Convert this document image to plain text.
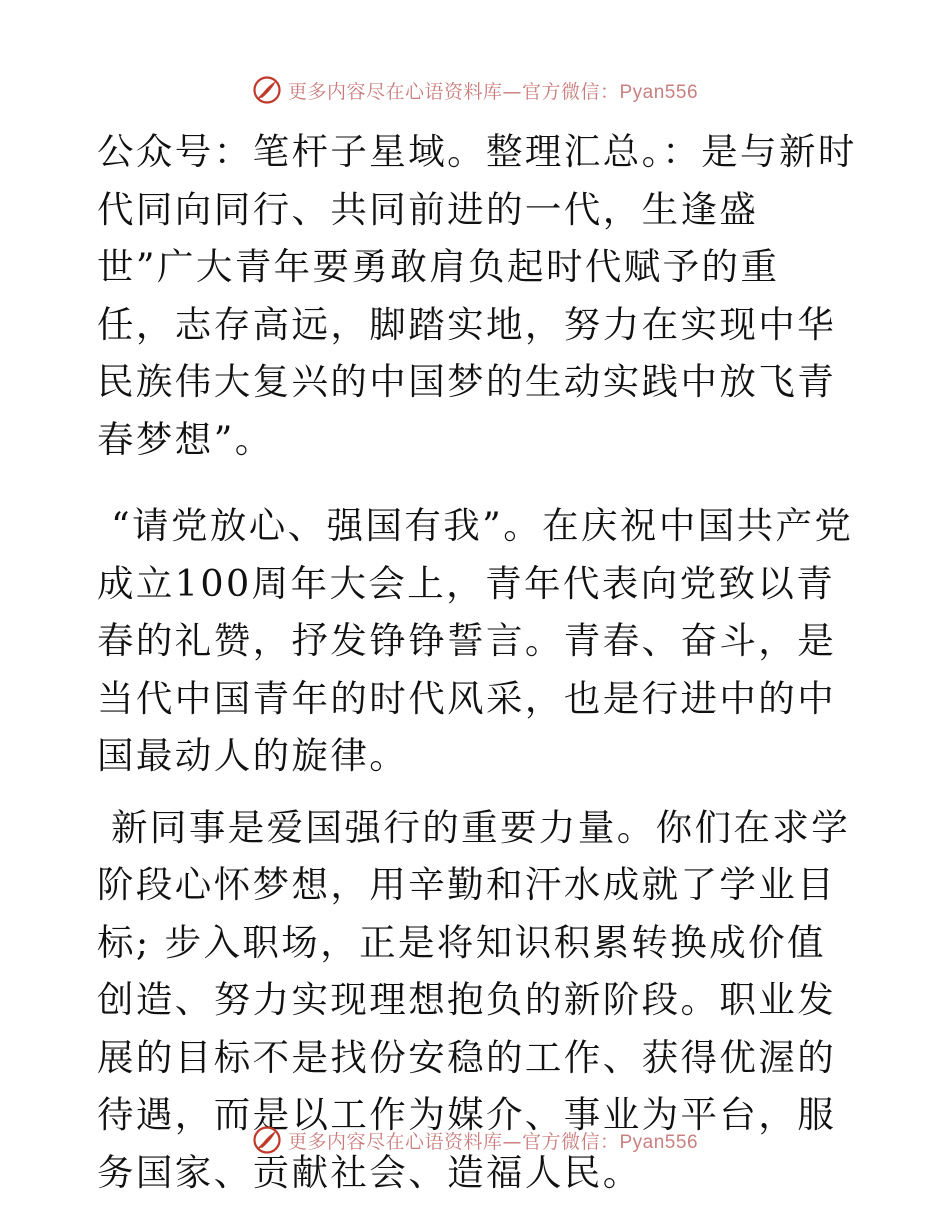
更多内容尽在心语资料库—官方微信：Pyan556

公众号：笔杆子星域。整理汇总。：是与新时代同向同行、共同前进的一代，生逢盛世”广大青年要勇敢肩负起时代赋予的重任，志存高远，脚踏实地，努力在实现中华民族伟大复兴的中国梦的生动实践中放飞青春梦想”。

“请党放心、强国有我”。在庆祝中国共产党成立100周年大会上，青年代表向党致以青春的礼赞，抒发铮铮誓言。青春、奋斗，是当代中国青年的时代风采，也是行进中的中国最动人的旋律。

新同事是爱国强行的重要力量。你们在求学阶段心怀梦想，用辛勤和汗水成就了学业目标; 步入职场，正是将知识积累转换成价值创造、努力实现理想抱负的新阶段。职业发展的目标不是找份安稳的工作、获得优渥的待遇，而是以工作为媒介、事业为平台，服务国家、贡献社会、造福人民。

更多内容尽在心语资料库—官方微信：Pyan556
